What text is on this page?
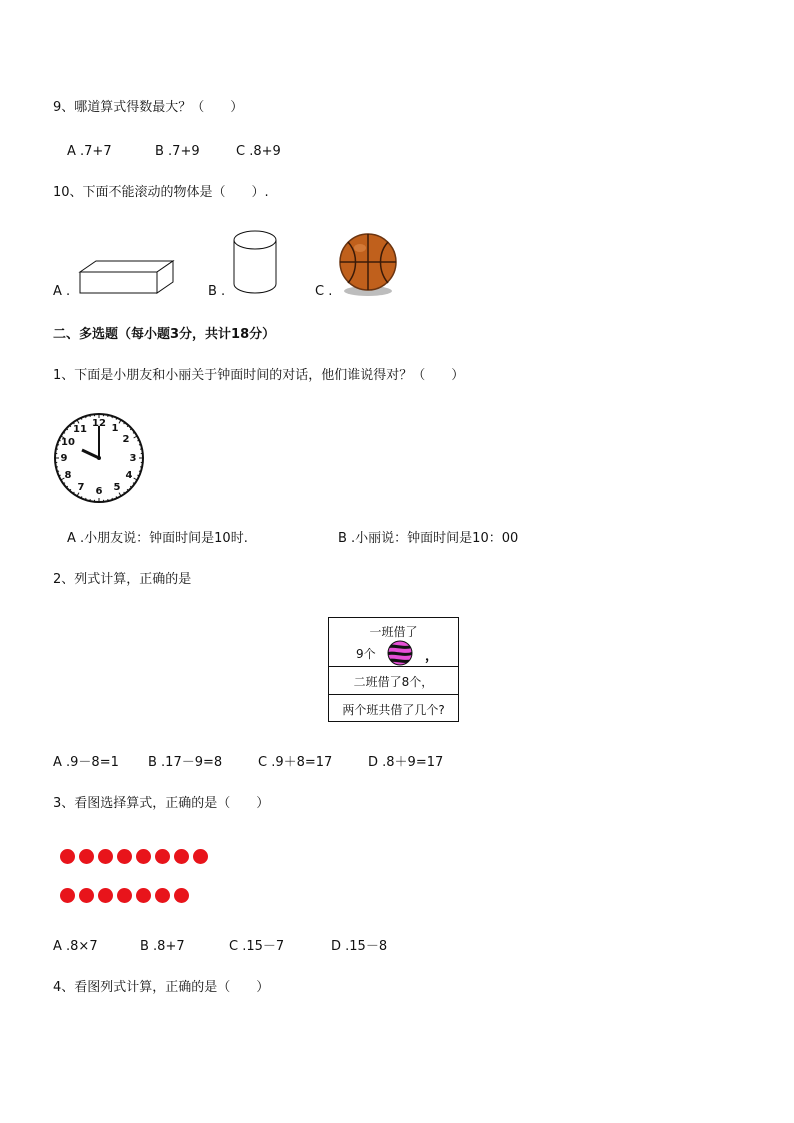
9、哪道算式得数最大？（　　）
A .7+7	B .7+9	C .8+9
10、下面不能滚动的物体是（　　）.
A .	B .	C .
二、多选题（每小题3分，共计18分）
1、下面是小朋友和小丽关于钟面时间的对话，他们谁说得对？（　　）
12 1
2
3
4
5
6
7
8
9
10
11
A .小朋友说：钟面时间是10时.	B .小丽说：钟面时间是10：00
2、列式计算，正确的是
一班借了
9个	，
二班借了8个，
两个班共借了几个?
A .9－8=1 B .17－9=8	C .9＋8=17	D .8＋9=17
3、看图选择算式，正确的是（　　）
A .8×7	B .8+7	C .15－7	D .15－8
4、看图列式计算，正确的是（　　）
